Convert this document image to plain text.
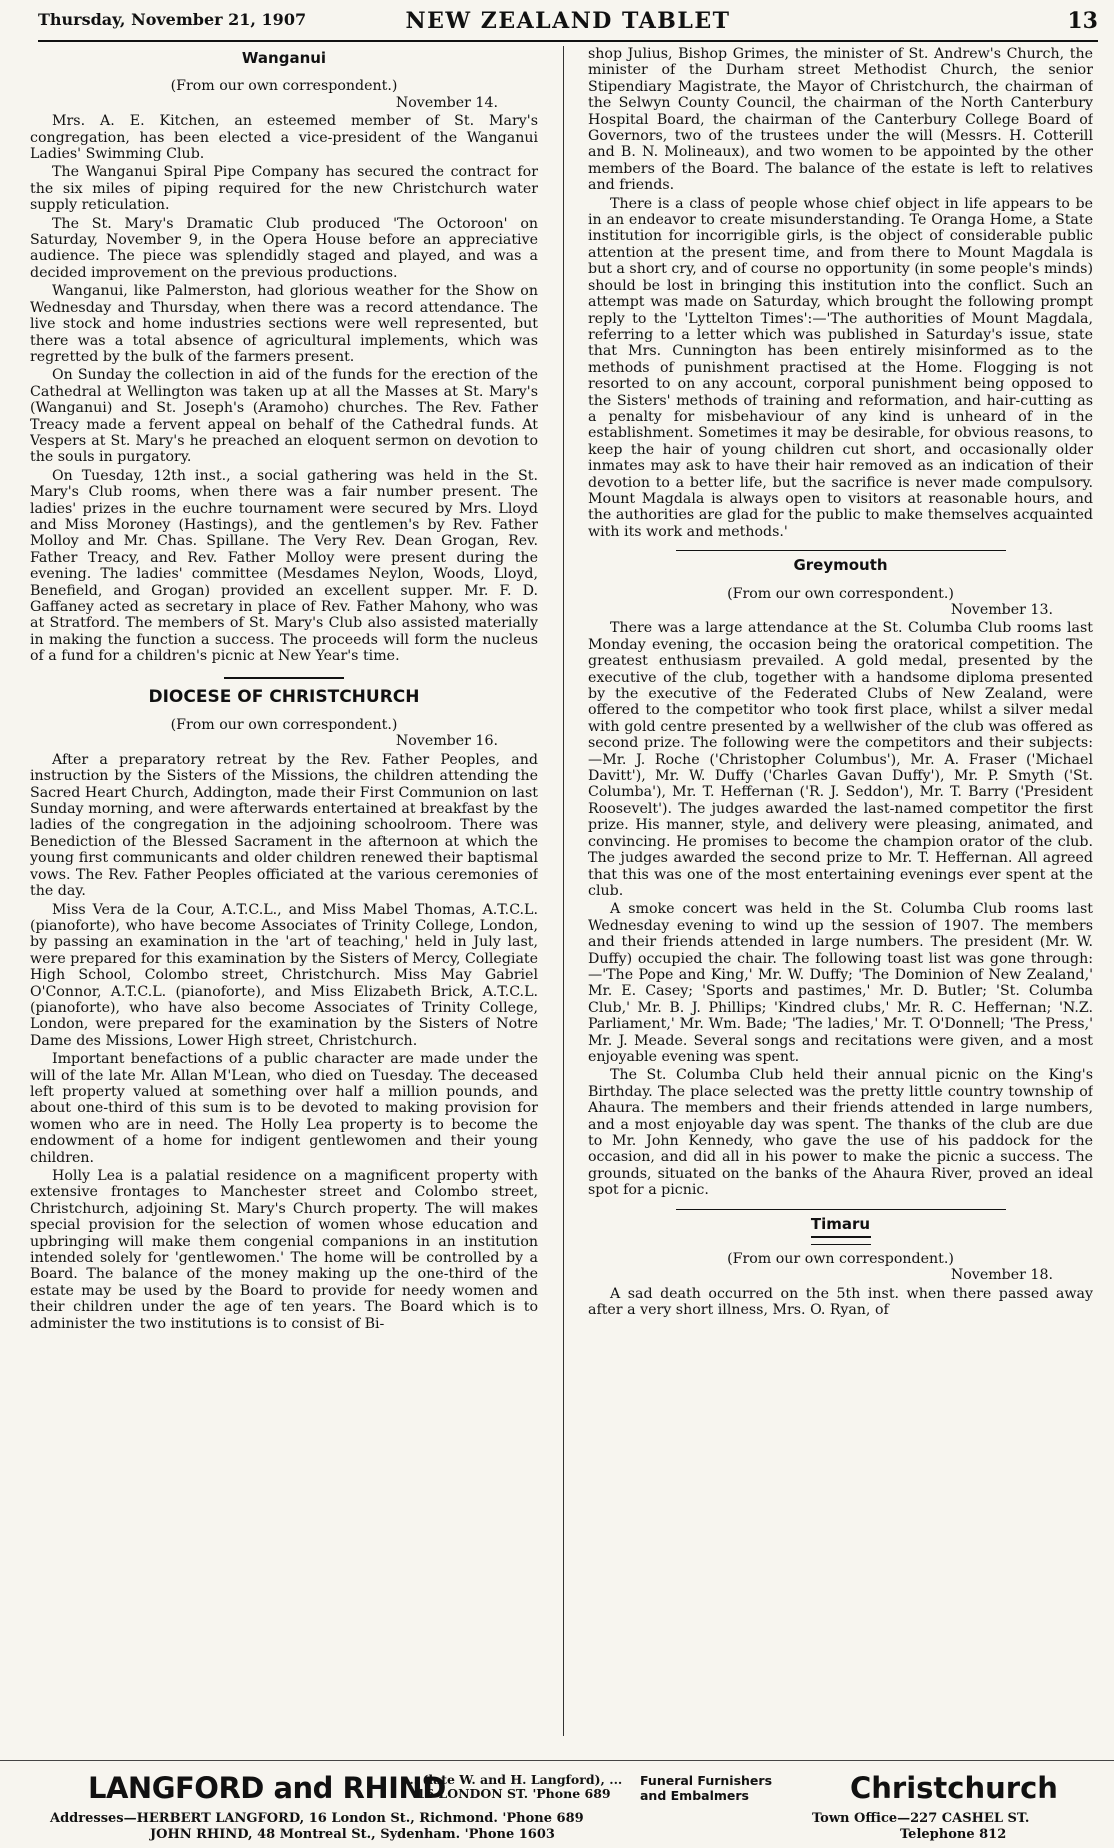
Thursday, November 21, 1907	NEW ZEALAND TABLET	13
Wanganui
(From our own correspondent.)
November 14.

Mrs. A. E. Kitchen, an esteemed member of St. Mary's congregation, has been elected a vice-president of the Wanganui Ladies' Swimming Club.

The Wanganui Spiral Pipe Company has secured the contract for the six miles of piping required for the new Christchurch water supply reticulation.

The St. Mary's Dramatic Club produced 'The Octoroon' on Saturday, November 9, in the Opera House before an appreciative audience. The piece was splendidly staged and played, and was a decided improvement on the previous productions.

Wanganui, like Palmerston, had glorious weather for the Show on Wednesday and Thursday, when there was a record attendance. The live stock and home industries sections were well represented, but there was a total absence of agricultural implements, which was regretted by the bulk of the farmers present.

On Sunday the collection in aid of the funds for the erection of the Cathedral at Wellington was taken up at all the Masses at St. Mary's (Wanganui) and St. Joseph's (Aramoho) churches. The Rev. Father Treacy made a fervent appeal on behalf of the Cathedral funds. At Vespers at St. Mary's he preached an eloquent sermon on devotion to the souls in purgatory.

On Tuesday, 12th inst., a social gathering was held in the St. Mary's Club rooms, when there was a fair number present. The ladies' prizes in the euchre tournament were secured by Mrs. Lloyd and Miss Moroney (Hastings), and the gentlemen's by Rev. Father Molloy and Mr. Chas. Spillane. The Very Rev. Dean Grogan, Rev. Father Treacy, and Rev. Father Molloy were present during the evening. The ladies' committee (Mesdames Neylon, Woods, Lloyd, Benefield, and Grogan) provided an excellent supper. Mr. F. D. Gaffaney acted as secretary in place of Rev. Father Mahony, who was at Stratford. The members of St. Mary's Club also assisted materially in making the function a success. The proceeds will form the nucleus of a fund for a children's picnic at New Year's time.

DIOCESE OF CHRISTCHURCH
(From our own correspondent.)
November 16.

After a preparatory retreat by the Rev. Father Peoples, and instruction by the Sisters of the Missions, the children attending the Sacred Heart Church, Addington, made their First Communion on last Sunday morning, and were afterwards entertained at breakfast by the ladies of the congregation in the adjoining schoolroom. There was Benediction of the Blessed Sacrament in the afternoon at which the young first communicants and older children renewed their baptismal vows. The Rev. Father Peoples officiated at the various ceremonies of the day.

Miss Vera de la Cour, A.T.C.L., and Miss Mabel Thomas, A.T.C.L. (pianoforte), who have become Associates of Trinity College, London, by passing an examination in the 'art of teaching,' held in July last, were prepared for this examination by the Sisters of Mercy, Collegiate High School, Colombo street, Christchurch. Miss May Gabriel O'Connor, A.T.C.L. (pianoforte), and Miss Elizabeth Brick, A.T.C.L. (pianoforte), who have also become Associates of Trinity College, London, were prepared for the examination by the Sisters of Notre Dame des Missions, Lower High street, Christchurch.

Important benefactions of a public character are made under the will of the late Mr. Allan M'Lean, who died on Tuesday. The deceased left property valued at something over half a million pounds, and about one-third of this sum is to be devoted to making provision for women who are in need. The Holly Lea property is to become the endowment of a home for indigent gentlewomen and their young children.

Holly Lea is a palatial residence on a magnificent property with extensive frontages to Manchester street and Colombo street, Christchurch, adjoining St. Mary's Church property. The will makes special provision for the selection of women whose education and upbringing will make them congenial companions in an institution intended solely for 'gentlewomen.' The home will be controlled by a Board. The balance of the money making up the one-third of the estate may be used by the Board to provide for needy women and their children under the age of ten years. The Board which is to administer the two institutions is to consist of Bi-

shop Julius, Bishop Grimes, the minister of St. Andrew's Church, the minister of the Durham street Methodist Church, the senior Stipendiary Magistrate, the Mayor of Christchurch, the chairman of the Selwyn County Council, the chairman of the North Canterbury Hospital Board, the chairman of the Canterbury College Board of Governors, two of the trustees under the will (Messrs. H. Cotterill and B. N. Molineaux), and two women to be appointed by the other members of the Board. The balance of the estate is left to relatives and friends.

There is a class of people whose chief object in life appears to be in an endeavor to create misunderstanding. Te Oranga Home, a State institution for incorrigible girls, is the object of considerable public attention at the present time, and from there to Mount Magdala is but a short cry, and of course no opportunity (in some people's minds) should be lost in bringing this institution into the conflict. Such an attempt was made on Saturday, which brought the following prompt reply to the 'Lyttelton Times':—'The authorities of Mount Magdala, referring to a letter which was published in Saturday's issue, state that Mrs. Cunnington has been entirely misinformed as to the methods of punishment practised at the Home. Flogging is not resorted to on any account, corporal punishment being opposed to the Sisters' methods of training and reformation, and hair-cutting as a penalty for misbehaviour of any kind is unheard of in the establishment. Sometimes it may be desirable, for obvious reasons, to keep the hair of young children cut short, and occasionally older inmates may ask to have their hair removed as an indication of their devotion to a better life, but the sacrifice is never made compulsory. Mount Magdala is always open to visitors at reasonable hours, and the authorities are glad for the public to make themselves acquainted with its work and methods.'

Greymouth
(From our own correspondent.)
November 13.

There was a large attendance at the St. Columba Club rooms last Monday evening, the occasion being the oratorical competition. The greatest enthusiasm prevailed. A gold medal, presented by the executive of the club, together with a handsome diploma presented by the executive of the Federated Clubs of New Zealand, were offered to the competitor who took first place, whilst a silver medal with gold centre presented by a wellwisher of the club was offered as second prize. The following were the competitors and their subjects:—Mr. J. Roche ('Christopher Columbus'), Mr. A. Fraser ('Michael Davitt'), Mr. W. Duffy ('Charles Gavan Duffy'), Mr. P. Smyth ('St. Columba'), Mr. T. Heffernan ('R. J. Seddon'), Mr. T. Barry ('President Roosevelt'). The judges awarded the last-named competitor the first prize. His manner, style, and delivery were pleasing, animated, and convincing. He promises to become the champion orator of the club. The judges awarded the second prize to Mr. T. Heffernan. All agreed that this was one of the most entertaining evenings ever spent at the club.

A smoke concert was held in the St. Columba Club rooms last Wednesday evening to wind up the session of 1907. The members and their friends attended in large numbers. The president (Mr. W. Duffy) occupied the chair. The following toast list was gone through:—'The Pope and King,' Mr. W. Duffy; 'The Dominion of New Zealand,' Mr. E. Casey; 'Sports and pastimes,' Mr. D. Butler; 'St. Columba Club,' Mr. B. J. Phillips; 'Kindred clubs,' Mr. R. C. Heffernan; 'N.Z. Parliament,' Mr. Wm. Bade; 'The ladies,' Mr. T. O'Donnell; 'The Press,' Mr. J. Meade. Several songs and recitations were given, and a most enjoyable evening was spent.

The St. Columba Club held their annual picnic on the King's Birthday. The place selected was the pretty little country township of Ahaura. The members and their friends attended in large numbers, and a most enjoyable day was spent. The thanks of the club are due to Mr. John Kennedy, who gave the use of his paddock for the occasion, and did all in his power to make the picnic a success. The grounds, situated on the banks of the Ahaura River, proved an ideal spot for a picnic.

Timaru
(From our own correspondent.)
November 18.

A sad death occurred on the 5th inst. when there passed away after a very short illness, Mrs. O. Ryan, of

LANGFORD and RHIND
... (late W. and H. Langford), ...
16 LONDON ST. 'Phone 689
Funeral Furnishers
and Embalmers	Christchurch
Addresses—HERBERT LANGFORD, 16 London St., Richmond. 'Phone 689
JOHN RHIND, 48 Montreal St., Sydenham. 'Phone 1603
Town Office—227 CASHEL ST.
Telephone 812
